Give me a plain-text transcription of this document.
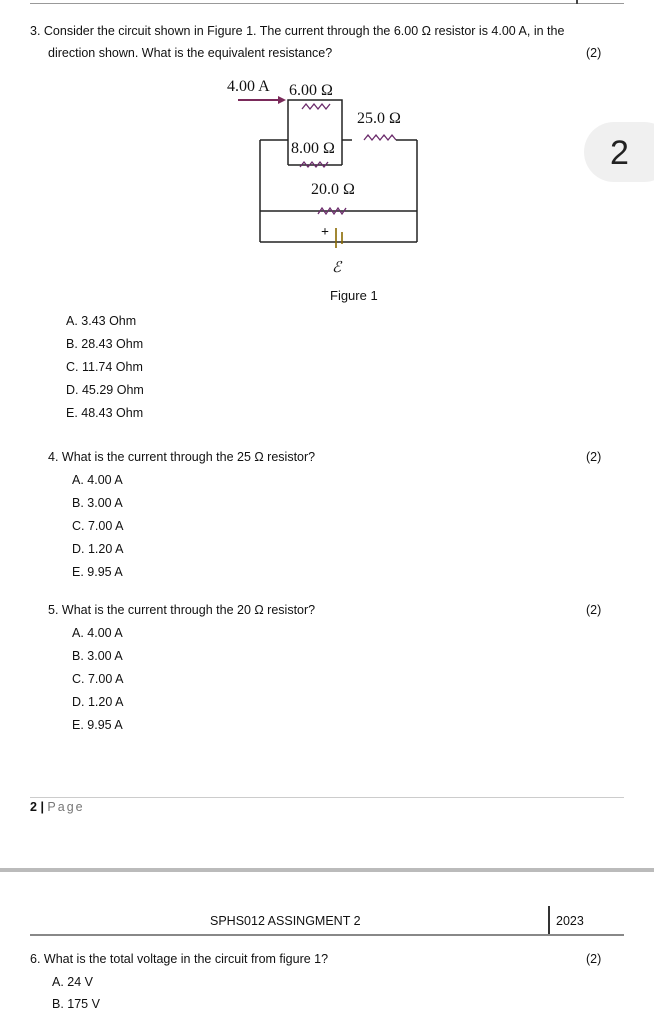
3. Consider the circuit shown in Figure 1. The current through the 6.00 Ω resistor is 4.00 A, in the
direction shown. What is the equivalent resistance?	(2)
4.00 A 6.00 Ω
25.0 Ω
8.00 Ω
20.0 Ω
+
ℰ
Figure 1
2
A. 3.43 Ohm
B. 28.43 Ohm
C. 11.74 Ohm
D. 45.29 Ohm
E. 48.43 Ohm
4. What is the current through the 25 Ω resistor?	(2)
A. 4.00 A
B. 3.00 A
C. 7.00 A
D. 1.20 A
E. 9.95 A
5. What is the current through the 20 Ω resistor?	(2)
A. 4.00 A
B. 3.00 A
C. 7.00 A
D. 1.20 A
E. 9.95 A
2 | Page
SPHS012 ASSINGMENT 2	2023
6. What is the total voltage in the circuit from figure 1?	(2)
A. 24 V
B. 175 V
